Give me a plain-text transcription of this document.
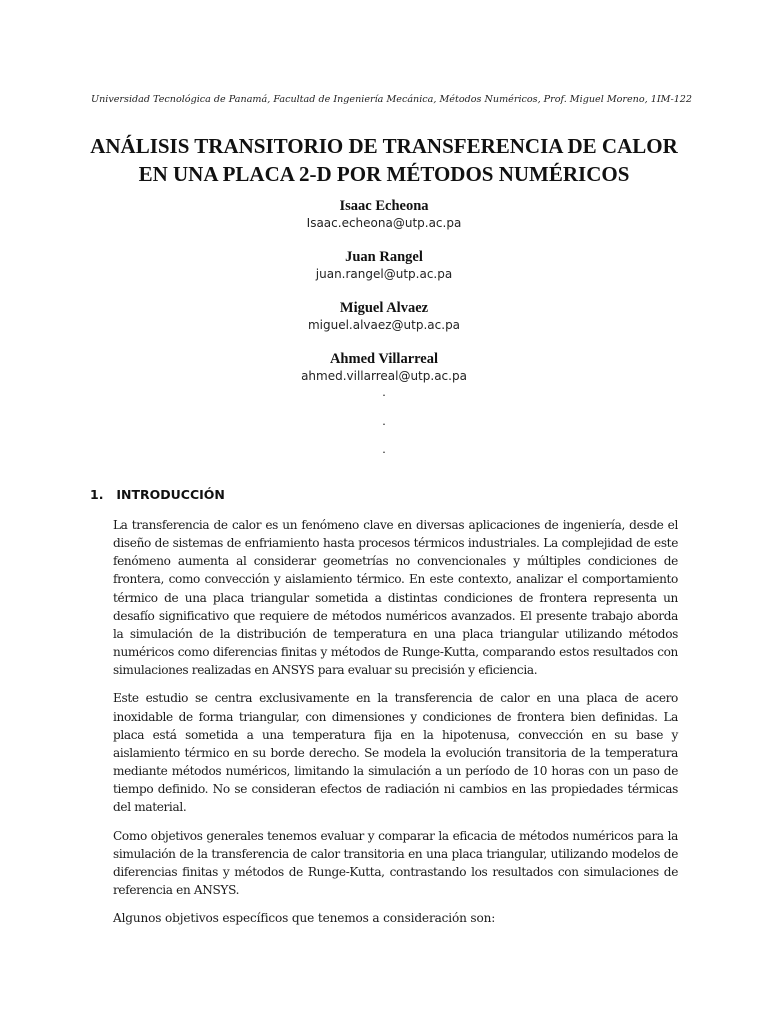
Universidad Tecnológica de Panamá, Facultad de Ingeniería Mecánica, Métodos Numéricos, Prof. Miguel Moreno, 1IM-122
ANÁLISIS TRANSITORIO DE TRANSFERENCIA DE CALOR
EN UNA PLACA 2-D POR MÉTODOS NUMÉRICOS
Isaac Echeona
Isaac.echeona@utp.ac.pa
Juan Rangel
juan.rangel@utp.ac.pa
Miguel Alvaez
miguel.alvaez@utp.ac.pa
Ahmed Villarreal
ahmed.villarreal@utp.ac.pa
.
.
.
1. INTRODUCCIÓN

La transferencia de calor es un fenómeno clave en diversas aplicaciones de ingeniería, desde el diseño de sistemas de enfriamiento hasta procesos térmicos industriales. La complejidad de este fenómeno aumenta al considerar geometrías no convencionales y múltiples condiciones de frontera, como convección y aislamiento térmico. En este contexto, analizar el comportamiento térmico de una placa triangular sometida a distintas condiciones de frontera representa un desafío significativo que requiere de métodos numéricos avanzados. El presente trabajo aborda la simulación de la distribución de temperatura en una placa triangular utilizando métodos numéricos como diferencias finitas y métodos de Runge-Kutta, comparando estos resultados con simulaciones realizadas en ANSYS para evaluar su precisión y eficiencia.

Este estudio se centra exclusivamente en la transferencia de calor en una placa de acero inoxidable de forma triangular, con dimensiones y condiciones de frontera bien definidas. La placa está sometida a una temperatura fija en la hipotenusa, convección en su base y aislamiento térmico en su borde derecho. Se modela la evolución transitoria de la temperatura mediante métodos numéricos, limitando la simulación a un período de 10 horas con un paso de tiempo definido. No se consideran efectos de radiación ni cambios en las propiedades térmicas del material.

Como objetivos generales tenemos evaluar y comparar la eficacia de métodos numéricos para la simulación de la transferencia de calor transitoria en una placa triangular, utilizando modelos de diferencias finitas y métodos de Runge-Kutta, contrastando los resultados con simulaciones de referencia en ANSYS.

Algunos objetivos específicos que tenemos a consideración son:
